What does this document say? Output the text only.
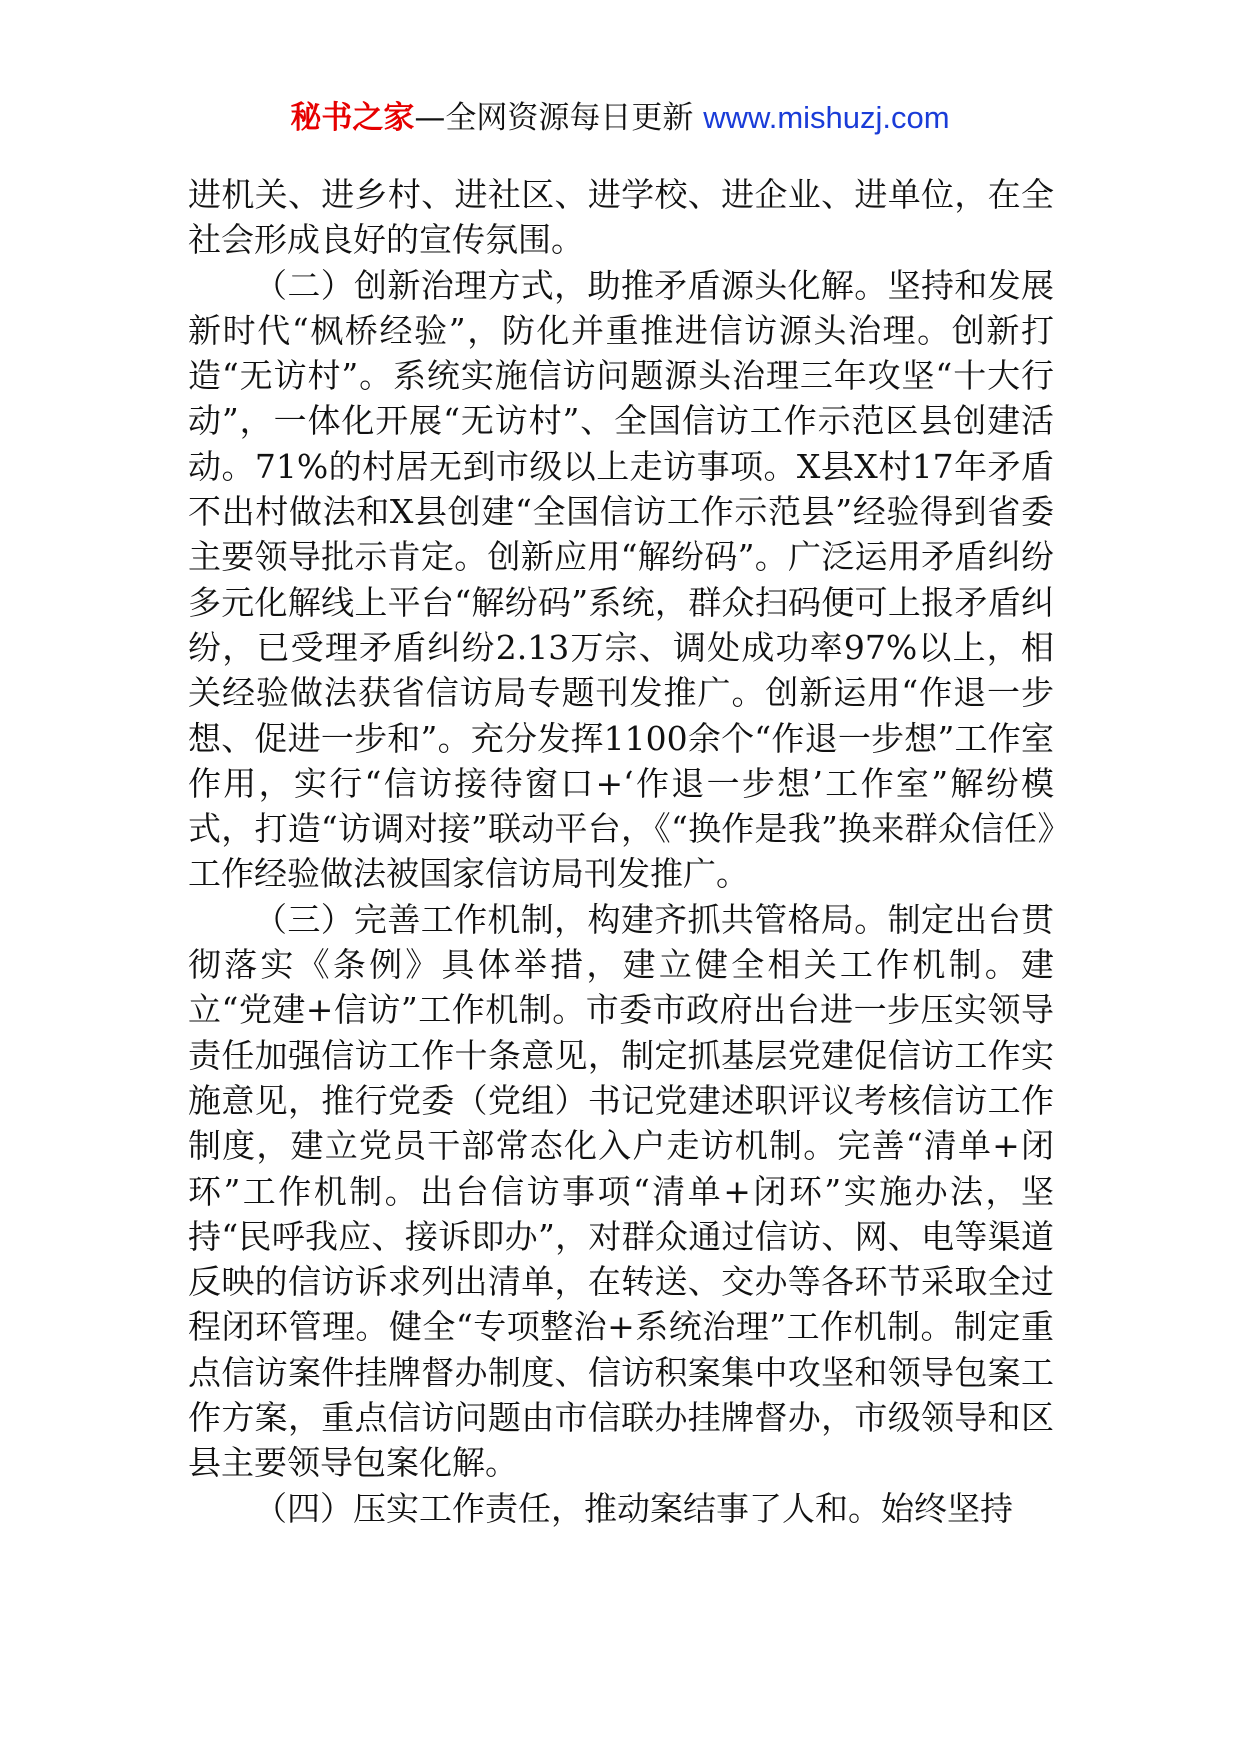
秘书之家—全网资源每日更新 www.mishuzj.com

进机关、进乡村、进社区、进学校、进企业、进单位，在全社会形成良好的宣传氛围。

（二）创新治理方式，助推矛盾源头化解。坚持和发展新时代“枫桥经验”，防化并重推进信访源头治理。创新打造“无访村”。系统实施信访问题源头治理三年攻坚“十大行动”，一体化开展“无访村”、全国信访工作示范区县创建活动。71%的村居无到市级以上走访事项。X县X村17年矛盾不出村做法和X县创建“全国信访工作示范县”经验得到省委主要领导批示肯定。创新应用“解纷码”。广泛运用矛盾纠纷多元化解线上平台“解纷码”系统，群众扫码便可上报矛盾纠纷，已受理矛盾纠纷2.13万宗、调处成功率97%以上，相关经验做法获省信访局专题刊发推广。创新运用“作退一步想、促进一步和”。充分发挥1100余个“作退一步想”工作室作用，实行“信访接待窗口+‘作退一步想’工作室”解纷模式，打造“访调对接”联动平台，《“换作是我”换来群众信任》工作经验做法被国家信访局刊发推广。

（三）完善工作机制，构建齐抓共管格局。制定出台贯彻落实《条例》具体举措，建立健全相关工作机制。建立“党建+信访”工作机制。市委市政府出台进一步压实领导责任加强信访工作十条意见，制定抓基层党建促信访工作实施意见，推行党委（党组）书记党建述职评议考核信访工作制度，建立党员干部常态化入户走访机制。完善“清单+闭环”工作机制。出台信访事项“清单+闭环”实施办法，坚持“民呼我应、接诉即办”，对群众通过信访、网、电等渠道反映的信访诉求列出清单，在转送、交办等各环节采取全过程闭环管理。健全“专项整治+系统治理”工作机制。制定重点信访案件挂牌督办制度、信访积案集中攻坚和领导包案工作方案，重点信访问题由市信联办挂牌督办，市级领导和区县主要领导包案化解。

（四）压实工作责任，推动案结事了人和。始终坚持
